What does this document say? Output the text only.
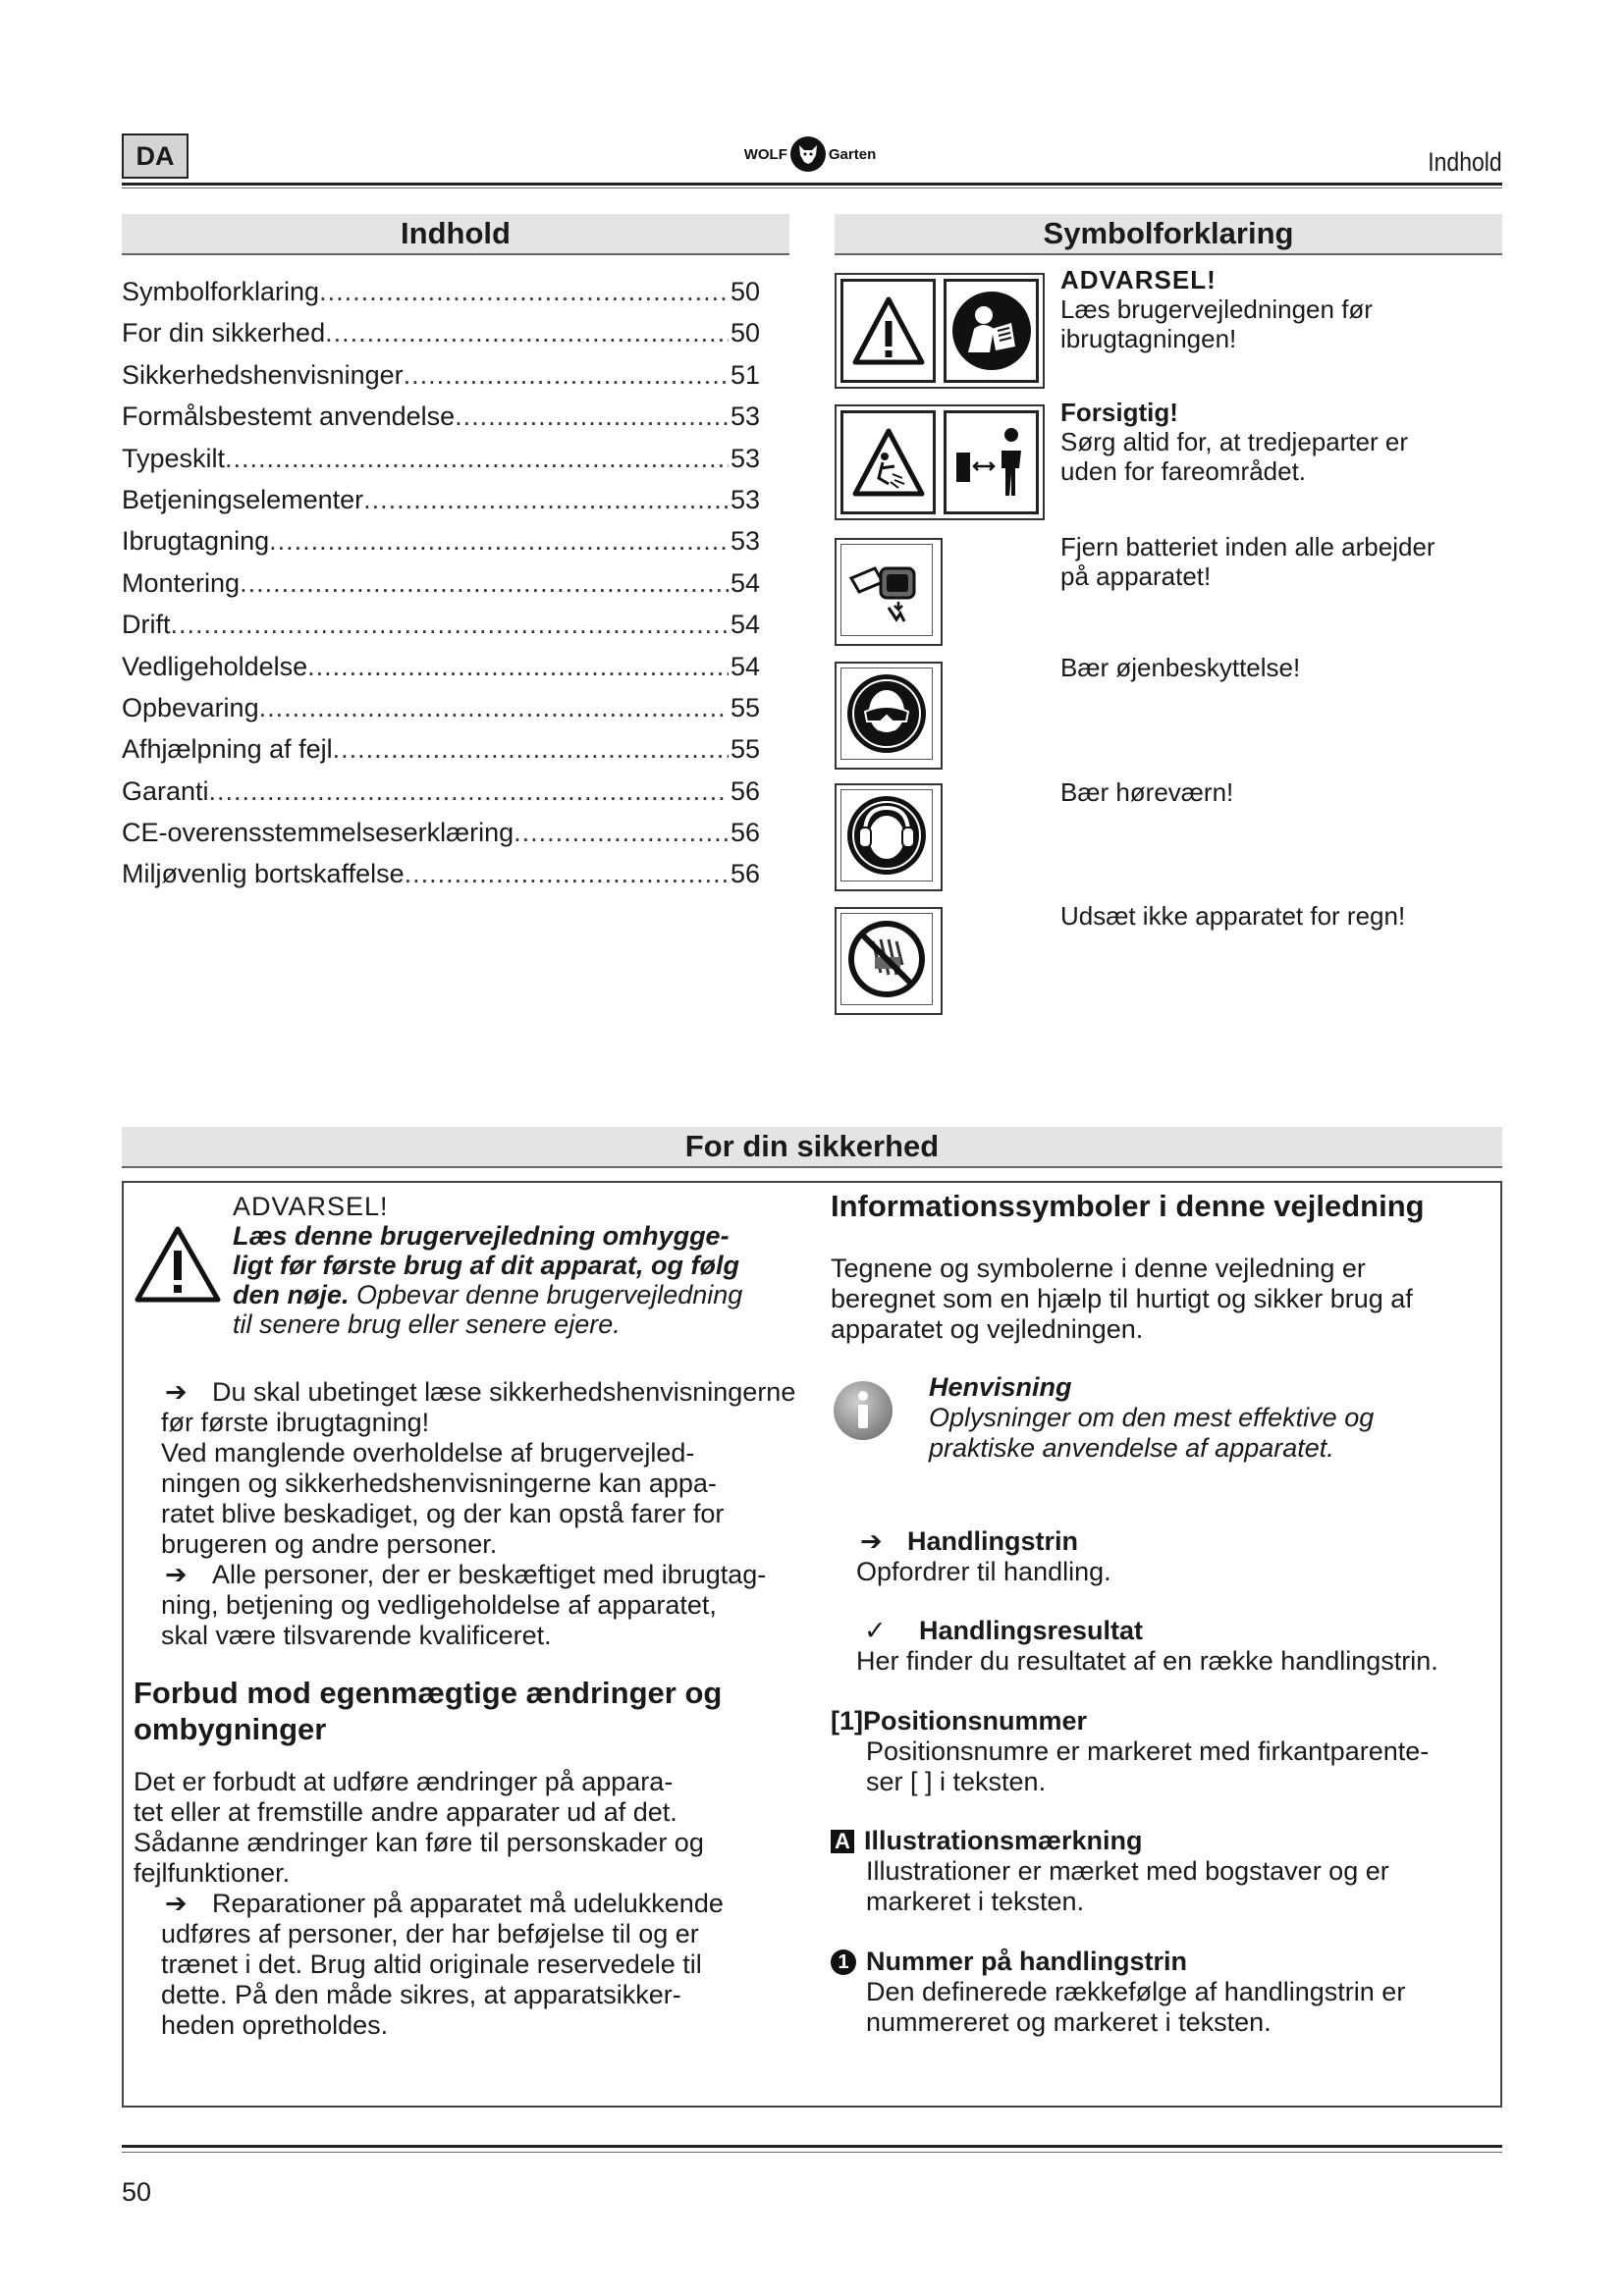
DA	WOLF	Garten	Indhold
Indhold
Symbolforklaring .....	50
For din sikkerhed .....	50
Sikkerhedshenvisninger .....	51
Formålsbestemt anvendelse .....	53
Typeskilt .....	53
Betjeningselementer .....	53
Ibrugtagning .....	53
Montering .....	54
Drift .....	54
Vedligeholdelse .....	54
Opbevaring .....	55
Afhjælpning af fejl .....	55
Garanti .....	56
CE-overensstemmelseserklæring .....	56
Miljøvenlig bortskaffelse .....	56
Symbolforklaring
ADVARSEL!
Læs brugervejledningen før
ibrugtagningen!
Forsigtig!
Sørg altid for, at tredjeparter er
uden for fareområdet.
Fjern batteriet inden alle arbejder
på apparatet!
Bær øjenbeskyttelse!
Bær høreværn!
Udsæt ikke apparatet for regn!
For din sikkerhed
ADVARSEL!
Læs denne brugervejledning omhygge-
ligt før første brug af dit apparat, og følg
den nøje. Opbevar denne brugervejledning
til senere brug eller senere ejere.
➔ Du skal ubetinget læse sikkerhedshenvisningerne
før første ibrugtagning!
Ved manglende overholdelse af brugervejled-
ningen og sikkerhedshenvisningerne kan appa-
ratet blive beskadiget, og der kan opstå farer for
brugeren og andre personer.
➔ Alle personer, der er beskæftiget med ibrugtag-
ning, betjening og vedligeholdelse af apparatet,
skal være tilsvarende kvalificeret.
Forbud mod egenmægtige ændringer og
ombygninger
Det er forbudt at udføre ændringer på appara-
tet eller at fremstille andre apparater ud af det.
Sådanne ændringer kan føre til personskader og
fejlfunktioner.
➔ Reparationer på apparatet må udelukkende
udføres af personer, der har beføjelse til og er
trænet i det. Brug altid originale reservedele til
dette. På den måde sikres, at apparatsikker-
heden opretholdes.
Informationssymboler i denne vejledning
Tegnene og symbolerne i denne vejledning er
beregnet som en hjælp til hurtigt og sikker brug af
apparatet og vejledningen.
Henvisning
Oplysninger om den mest effektive og
praktiske anvendelse af apparatet.
➔ Handlingstrin
Opfordrer til handling.
✓ Handlingsresultat
Her finder du resultatet af en række handlingstrin.
[1]Positionsnummer
Positionsnumre er markeret med firkantparente-
ser [ ] i teksten.
A Illustrationsmærkning
Illustrationer er mærket med bogstaver og er
markeret i teksten.
1 Nummer på handlingstrin
Den definerede rækkefølge af handlingstrin er
nummereret og markeret i teksten.
50
